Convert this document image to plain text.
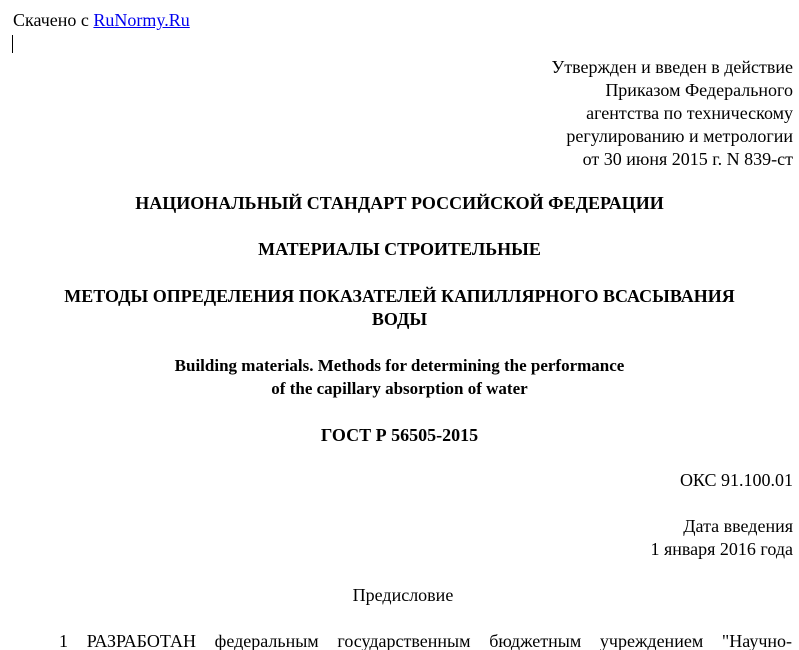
Скачено с RuNormy.Ru
Утвержден и введен в действие
Приказом Федерального
агентства по техническому
регулированию и метрологии
от 30 июня 2015 г. N 839-ст
НАЦИОНАЛЬНЫЙ СТАНДАРТ РОССИЙСКОЙ ФЕДЕРАЦИИ
МАТЕРИАЛЫ СТРОИТЕЛЬНЫЕ
МЕТОДЫ ОПРЕДЕЛЕНИЯ ПОКАЗАТЕЛЕЙ КАПИЛЛЯРНОГО ВСАСЫВАНИЯ
ВОДЫ
Building materials. Methods for determining the performance
of the capillary absorption of water
ГОСТ Р 56505-2015
ОКС 91.100.01
Дата введения
1 января 2016 года
Предисловие
1 РАЗРАБОТАН федеральным государственным бюджетным учреждением "Научно-
